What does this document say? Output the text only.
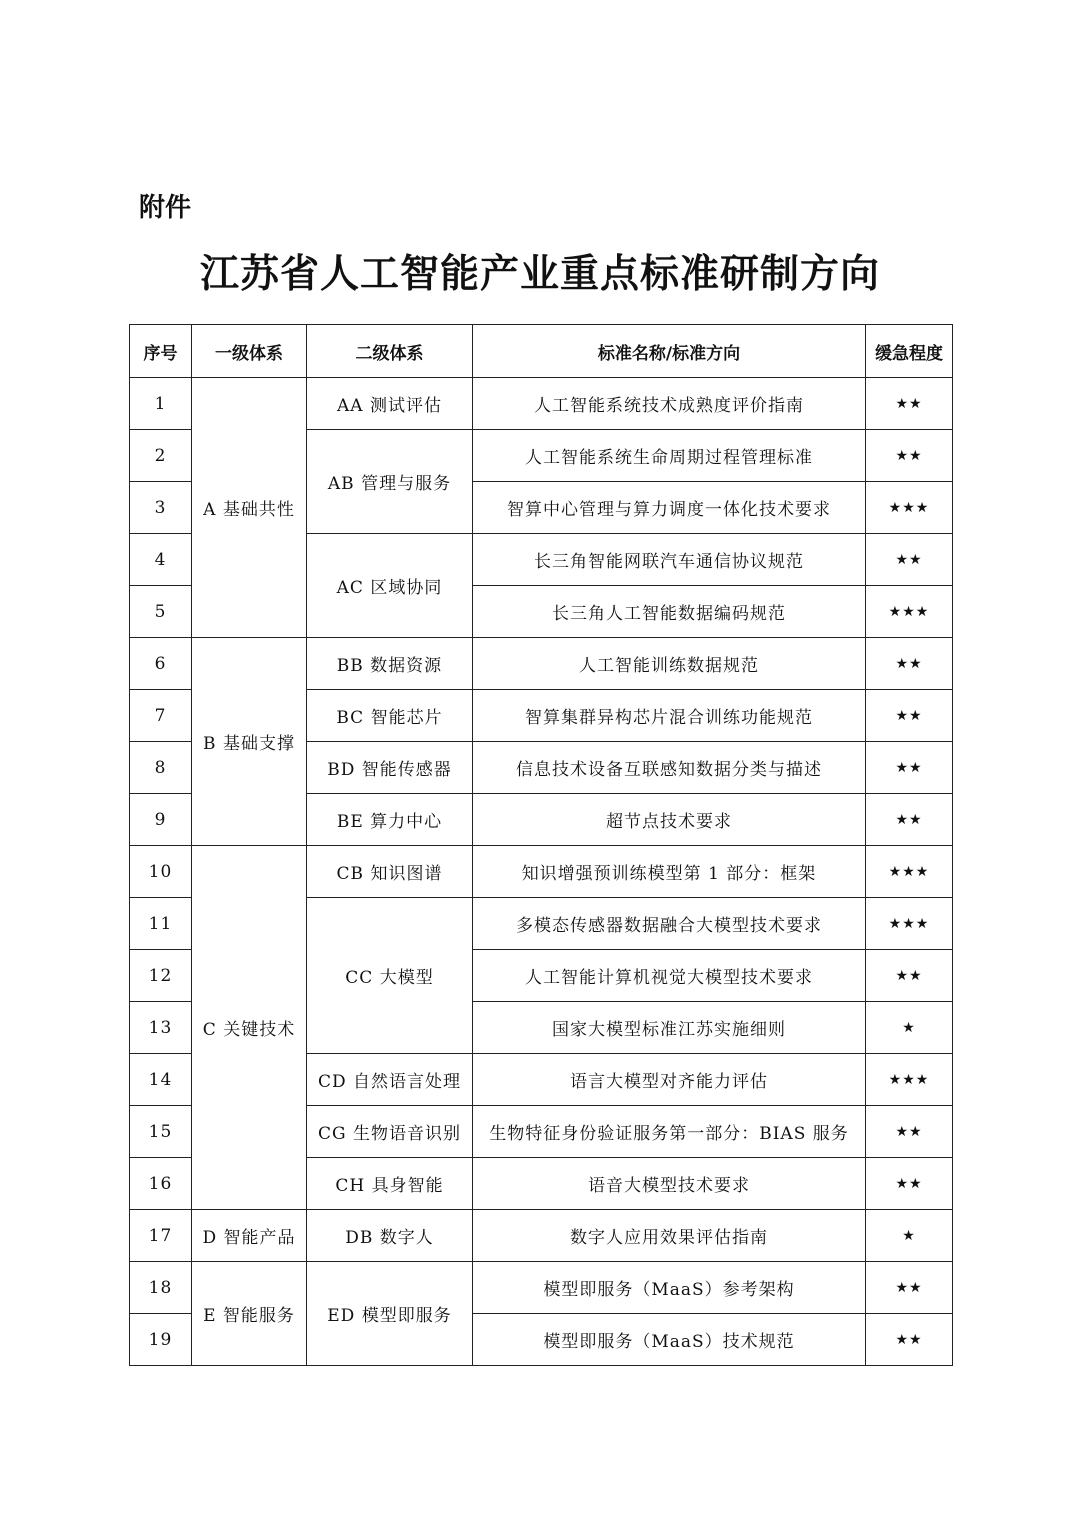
附件
江苏省人工智能产业重点标准研制方向
序号	一级体系	二级体系	标准名称/标准方向	缓急程度
1	A 基础共性	AA 测试评估	人工智能系统技术成熟度评价指南	★★
2		AB 管理与服务	人工智能系统生命周期过程管理标准	★★
3			智算中心管理与算力调度一体化技术要求	★★★
4		AC 区域协同	长三角智能网联汽车通信协议规范	★★
5			长三角人工智能数据编码规范	★★★
6	B 基础支撑	BB 数据资源	人工智能训练数据规范	★★
7		BC 智能芯片	智算集群异构芯片混合训练功能规范	★★
8		BD 智能传感器	信息技术设备互联感知数据分类与描述	★★
9		BE 算力中心	超节点技术要求	★★
10	C 关键技术	CB 知识图谱	知识增强预训练模型第 1 部分：框架	★★★
11		CC 大模型	多模态传感器数据融合大模型技术要求	★★★
12			人工智能计算机视觉大模型技术要求	★★
13			国家大模型标准江苏实施细则	★
14		CD 自然语言处理	语言大模型对齐能力评估	★★★
15		CG 生物语音识别	生物特征身份验证服务第一部分：BIAS 服务	★★
16		CH 具身智能	语音大模型技术要求	★★
17	D 智能产品	DB 数字人	数字人应用效果评估指南	★
18	E 智能服务	ED 模型即服务	模型即服务（MaaS）参考架构	★★
19			模型即服务（MaaS）技术规范	★★
